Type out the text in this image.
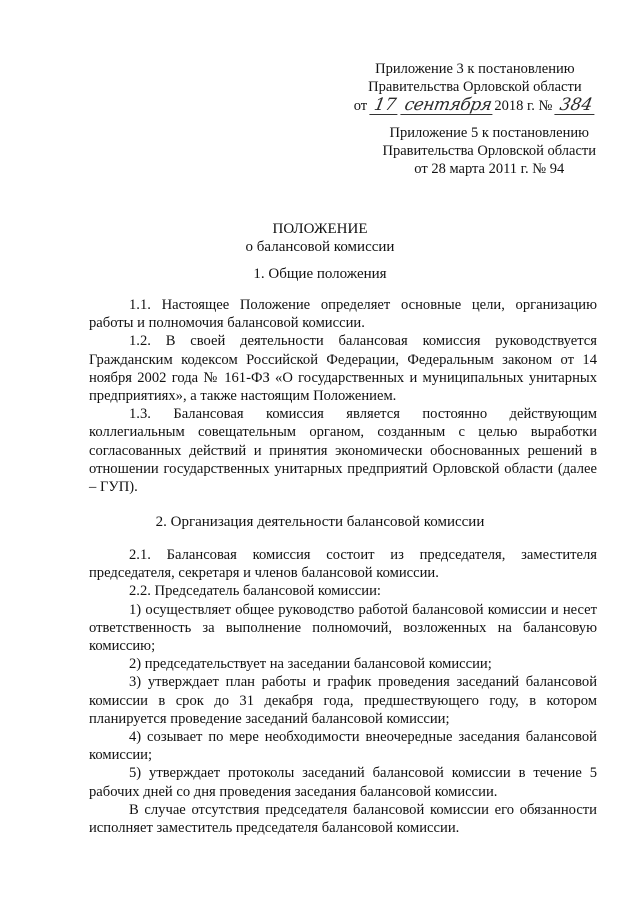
Приложение 3 к постановлению
Правительства Орловской области
от 17 сентября2018 г. № 384
Приложение 5 к постановлению
Правительства Орловской области
от 28 марта 2011 г. № 94
ПОЛОЖЕНИЕ
о балансовой комиссии
1. Общие положения

1.1. Настоящее Положение определяет основные цели, организацию работы и полномочия балансовой комиссии.

1.2. В своей деятельности балансовая комиссия руководствуется Гражданским кодексом Российской Федерации, Федеральным законом от 14 ноября 2002 года № 161-ФЗ «О государственных и муниципальных унитарных предприятиях», а также настоящим Положением.

1.3. Балансовая комиссия является постоянно действующим коллегиальным совещательным органом, созданным с целью выработки согласованных действий и принятия экономически обоснованных решений в отношении государственных унитарных предприятий Орловской области (далее – ГУП).

2. Организация деятельности балансовой комиссии

2.1. Балансовая комиссия состоит из председателя, заместителя председателя, секретаря и членов балансовой комиссии.

2.2. Председатель балансовой комиссии:

1) осуществляет общее руководство работой балансовой комиссии и несет ответственность за выполнение полномочий, возложенных на балансовую комиссию;

2) председательствует на заседании балансовой комиссии;

3) утверждает план работы и график проведения заседаний балансовой комиссии в срок до 31 декабря года, предшествующего году, в котором планируется проведение заседаний балансовой комиссии;

4) созывает по мере необходимости внеочередные заседания балансовой комиссии;

5) утверждает протоколы заседаний балансовой комиссии в течение 5 рабочих дней со дня проведения заседания балансовой комиссии.

В случае отсутствия председателя балансовой комиссии его обязанности исполняет заместитель председателя балансовой комиссии.
